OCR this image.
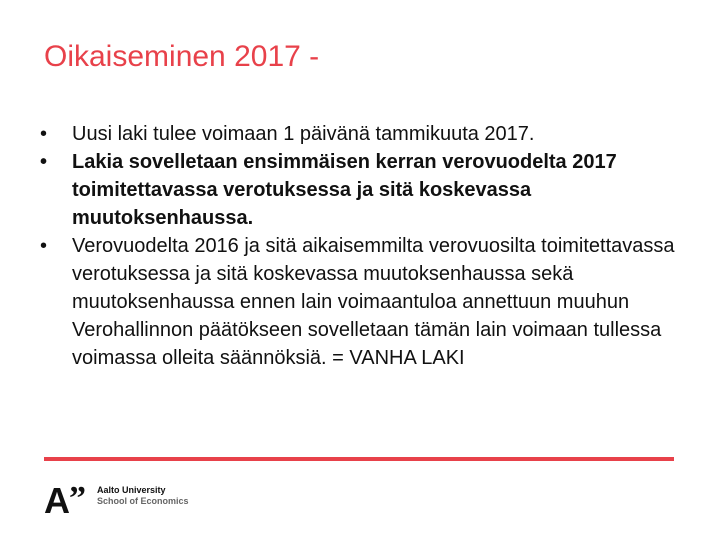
Oikaiseminen 2017 -
• Uusi laki tulee voimaan 1 päivänä tammikuuta 2017.
• Lakia sovelletaan ensimmäisen kerran verovuodelta 2017 toimitettavassa verotuksessa ja sitä koskevassa muutoksenhaussa.
• Verovuodelta 2016 ja sitä aikaisemmilta verovuosilta toimitettavassa verotuksessa ja sitä koskevassa muutoksenhaussa sekä muutoksenhaussa ennen lain voimaantuloa annettuun muuhun Verohallinnon päätökseen sovelletaan tämän lain voimaan tullessa voimassa olleita säännöksiä. = VANHA LAKI
A ” Aalto University
School of Economics
